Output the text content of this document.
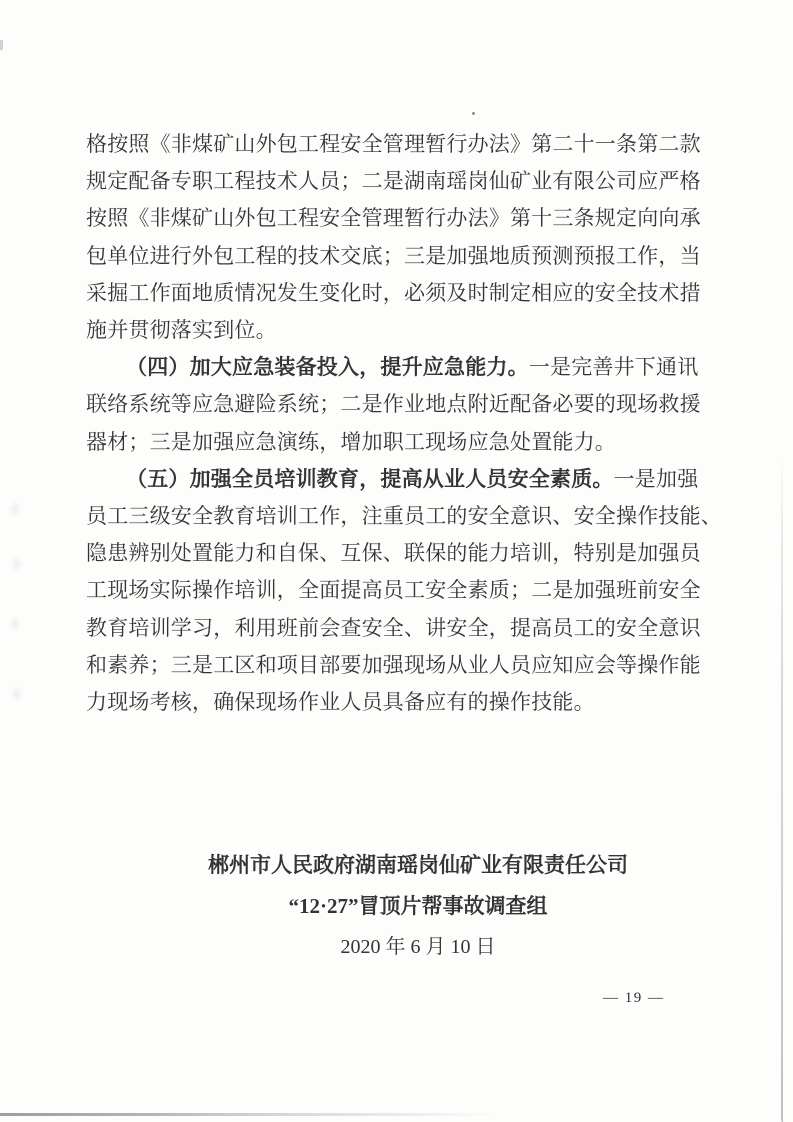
格按照《非煤矿山外包工程安全管理暂行办法》第二十一条第二款
规定配备专职工程技术人员；二是湖南瑶岗仙矿业有限公司应严格
按照《非煤矿山外包工程安全管理暂行办法》第十三条规定向向承
包单位进行外包工程的技术交底；三是加强地质预测预报工作，当
采掘工作面地质情况发生变化时，必须及时制定相应的安全技术措
施并贯彻落实到位。
（四）加大应急装备投入，提升应急能力。一是完善井下通讯
联络系统等应急避险系统；二是作业地点附近配备必要的现场救援
器材；三是加强应急演练，增加职工现场应急处置能力。
（五）加强全员培训教育，提高从业人员安全素质。一是加强
员工三级安全教育培训工作，注重员工的安全意识、安全操作技能、
隐患辨别处置能力和自保、互保、联保的能力培训，特别是加强员
工现场实际操作培训，全面提高员工安全素质；二是加强班前安全
教育培训学习，利用班前会查安全、讲安全，提高员工的安全意识
和素养；三是工区和项目部要加强现场从业人员应知应会等操作能
力现场考核，确保现场作业人员具备应有的操作技能。
郴州市人民政府湖南瑶岗仙矿业有限责任公司
“12·27”冒顶片帮事故调查组
2020 年 6 月 10 日
— 19 —
